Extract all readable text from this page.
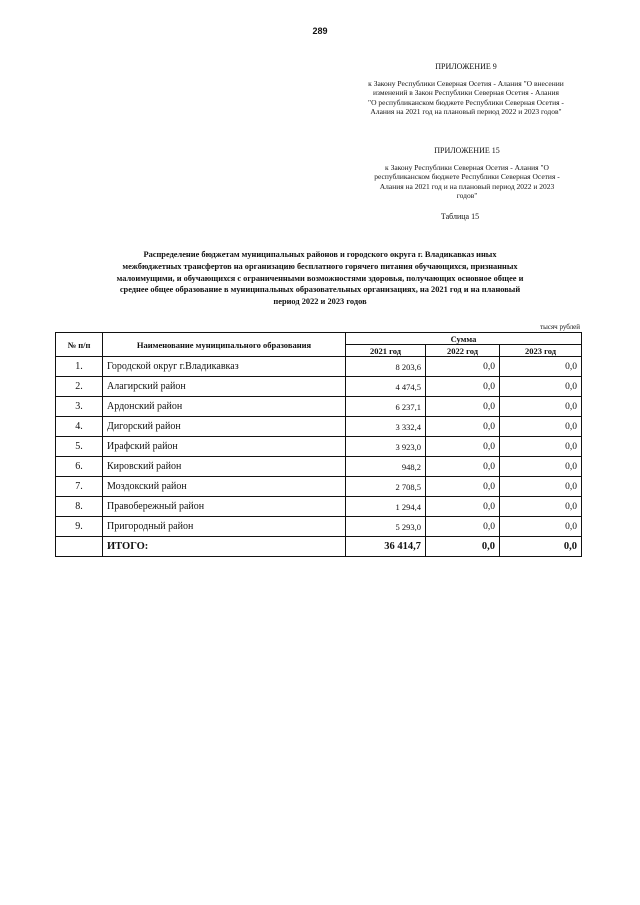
289
ПРИЛОЖЕНИЕ 9
к Закону Республики Северная Осетия - Алания "О внесении
изменений в Закон Республики Северная Осетия - Алания
"О республиканском бюджете Республики Северная Осетия -
Алания на 2021 год на плановый период 2022 и 2023 годов"
ПРИЛОЖЕНИЕ 15
к Закону Республики Северная Осетия - Алания "О
республиканском бюджете Республики Северная Осетия -
Алания на 2021 год и на плановый период 2022 и 2023
годов"
Таблица 15
Распределение бюджетам муниципальных районов и городского округа г. Владикавказ иных
межбюджетных трансфертов на организацию бесплатного горячего питания обучающихся, признанных
малоимущими, и обучающихся с ограниченными возможностями здоровья, получающих основное общее и
среднее общее образование в муниципальных образовательных организациях, на 2021 год и на плановый
период 2022 и 2023 годов
тысяч рублей
№ п/п	Наименование муниципального образования	Сумма		
		2021 год	2022 год	2023 год
1.	Городской округ г.Владикавказ	8 203,6	0,0	0,0
2.	Алагирский район	4 474,5	0,0	0,0
3.	Ардонский район	6 237,1	0,0	0,0
4.	Дигорский район	3 332,4	0,0	0,0
5.	Ирафский район	3 923,0	0,0	0,0
6.	Кировский район	948,2	0,0	0,0
7.	Моздокский район	2 708,5	0,0	0,0
8.	Правобережный район	1 294,4	0,0	0,0
9.	Пригородный район	5 293,0	0,0	0,0
	ИТОГО:	36 414,7	0,0	0,0
